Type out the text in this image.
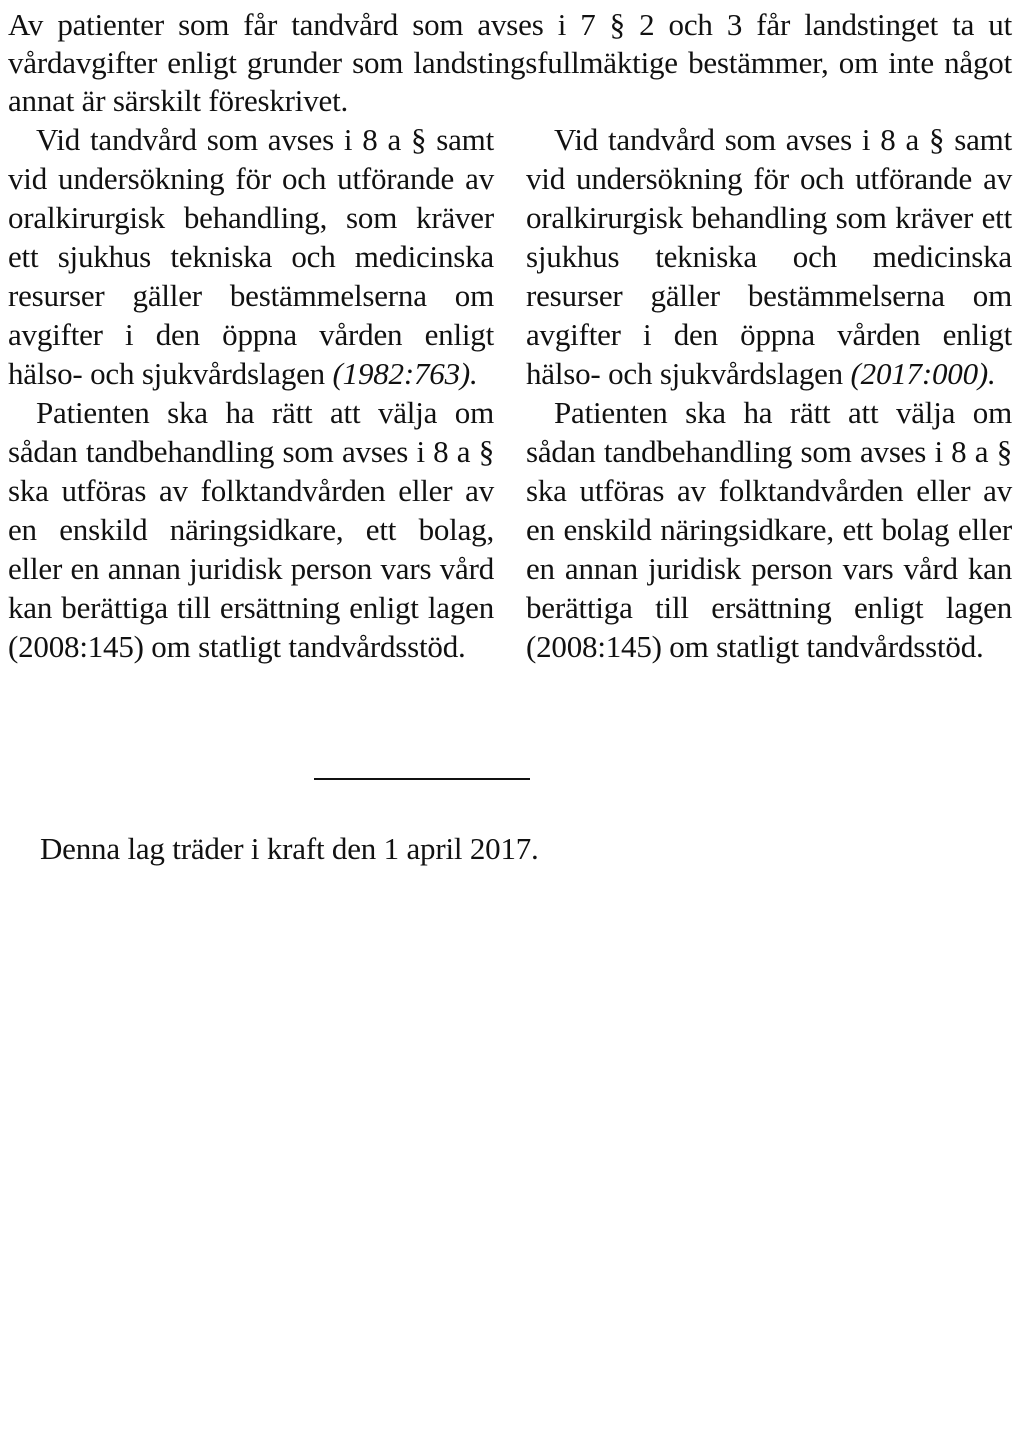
Av patienter som får tandvård som avses i 7 § 2 och 3 får landstinget ta ut vårdavgifter enligt grunder som landstingsfullmäktige bestämmer, om inte något annat är särskilt föreskrivet.

Vid tandvård som avses i 8 a § samt vid undersökning för och utförande av oralkirurgisk behandling, som kräver ett sjukhus tekniska och medicinska resurser gäller bestämmelserna om avgifter i den öppna vården enligt hälso- och sjukvårdslagen (1982:763).

Patienten ska ha rätt att välja om sådan tandbehandling som avses i 8 a § ska utföras av folktandvården eller av en enskild näringsidkare, ett bolag, eller en annan juridisk person vars vård kan berättiga till ersättning enligt lagen (2008:145) om statligt tandvårdsstöd.

Vid tandvård som avses i 8 a § samt vid undersökning för och utförande av oralkirurgisk behandling som kräver ett sjukhus tekniska och medicinska resurser gäller bestämmelserna om avgifter i den öppna vården enligt hälso- och sjukvårdslagen (2017:000).

Patienten ska ha rätt att välja om sådan tandbehandling som avses i 8 a § ska utföras av folktandvården eller av en enskild näringsidkare, ett bolag eller en annan juridisk person vars vård kan berättiga till ersättning enligt lagen (2008:145) om statligt tandvårdsstöd.

Denna lag träder i kraft den 1 april 2017.
